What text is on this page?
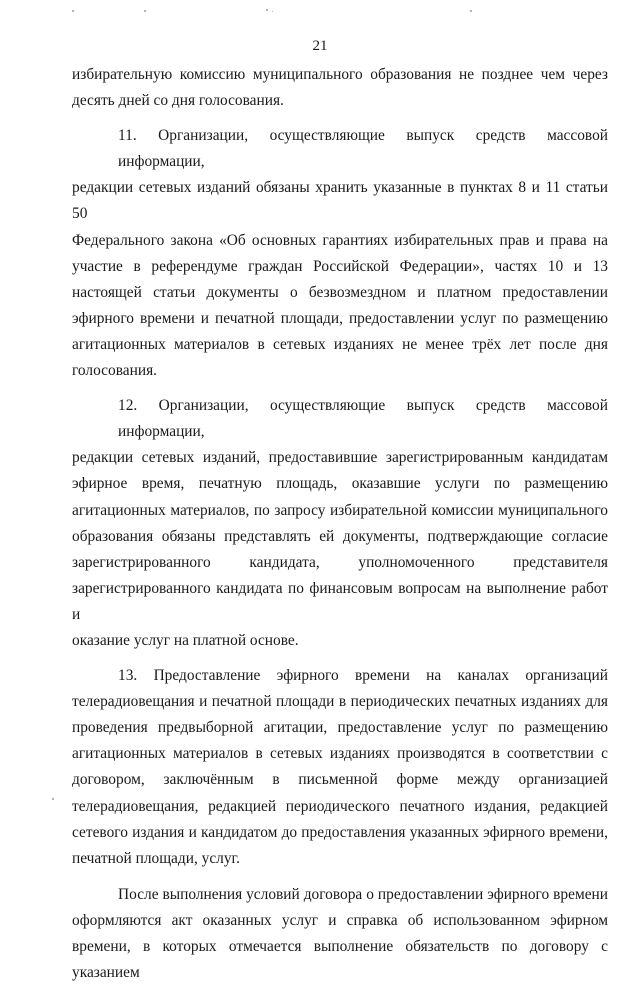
21
избирательную комиссию муниципального образования не позднее чем через
десять дней со дня голосования.
11. Организации, осуществляющие выпуск средств массовой информации,
редакции сетевых изданий обязаны хранить указанные в пунктах 8 и 11 статьи 50
Федерального закона «Об основных гарантиях избирательных прав и права на
участие в референдуме граждан Российской Федерации», частях 10 и 13
настоящей статьи документы о безвозмездном и платном предоставлении
эфирного времени и печатной площади, предоставлении услуг по размещению
агитационных материалов в сетевых изданиях не менее трёх лет после дня
голосования.
12. Организации, осуществляющие выпуск средств массовой информации,
редакции сетевых изданий, предоставившие зарегистрированным кандидатам
эфирное время, печатную площадь, оказавшие услуги по размещению
агитационных материалов, по запросу избирательной комиссии муниципального
образования обязаны представлять ей документы, подтверждающие согласие
зарегистрированного кандидата, уполномоченного представителя
зарегистрированного кандидата по финансовым вопросам на выполнение работ и
оказание услуг на платной основе.
13. Предоставление эфирного времени на каналах организаций
телерадиовещания и печатной площади в периодических печатных изданиях для
проведения предвыборной агитации, предоставление услуг по размещению
агитационных материалов в сетевых изданиях производятся в соответствии с
договором, заключённым в письменной форме между организацией
телерадиовещания, редакцией периодического печатного издания, редакцией
сетевого издания и кандидатом до предоставления указанных эфирного времени,
печатной площади, услуг.
После выполнения условий договора о предоставлении эфирного времени
оформляются акт оказанных услуг и справка об использованном эфирном
времени, в которых отмечается выполнение обязательств по договору с указанием
